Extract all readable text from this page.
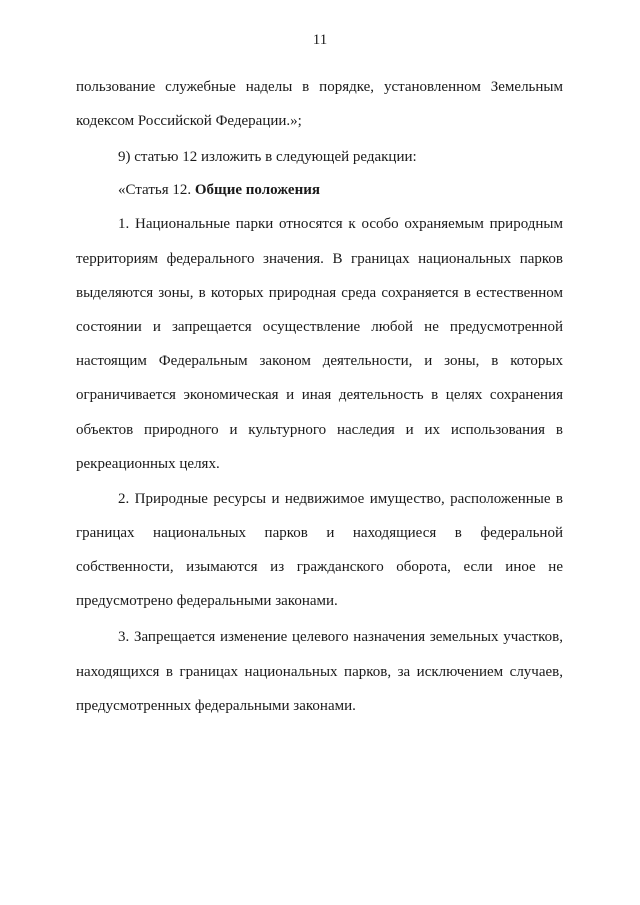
11
пользование служебные наделы в порядке, установленном Земельным
кодексом Российской Федерации.»;
9) статью 12 изложить в следующей редакции:
«Статья 12. Общие положения
1. Национальные парки относятся к особо охраняемым природным
территориям федерального значения. В границах национальных парков
выделяются зоны, в которых природная среда сохраняется в естественном
состоянии и запрещается осуществление любой не предусмотренной
настоящим Федеральным законом деятельности, и зоны, в которых
ограничивается экономическая и иная деятельность в целях сохранения
объектов природного и культурного наследия и их использования в
рекреационных целях.
2. Природные ресурсы и недвижимое имущество, расположенные в
границах национальных парков и находящиеся в федеральной
собственности, изымаются из гражданского оборота, если иное не
предусмотрено федеральными законами.
3. Запрещается изменение целевого назначения земельных участков,
находящихся в границах национальных парков, за исключением случаев,
предусмотренных федеральными законами.
